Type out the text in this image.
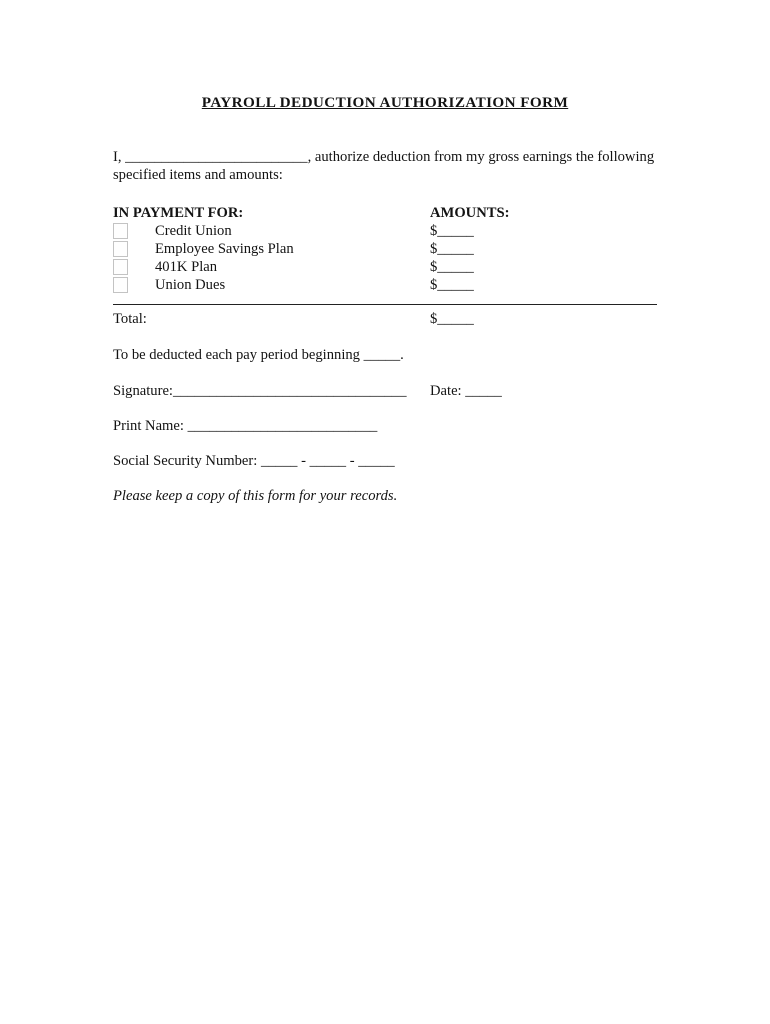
PAYROLL DEDUCTION AUTHORIZATION FORM
I, _________________________, authorize deduction from my gross earnings the following specified items and amounts:
IN PAYMENT FOR:	AMOUNTS:
Credit Union	$_____
Employee Savings Plan	$_____
401K Plan	$_____
Union Dues	$_____
Total:	$_____
To be deducted each pay period beginning _____.
Signature:________________________________ Date: _____
Print Name: __________________________
Social Security Number: _____ - _____ - _____
Please keep a copy of this form for your records.
